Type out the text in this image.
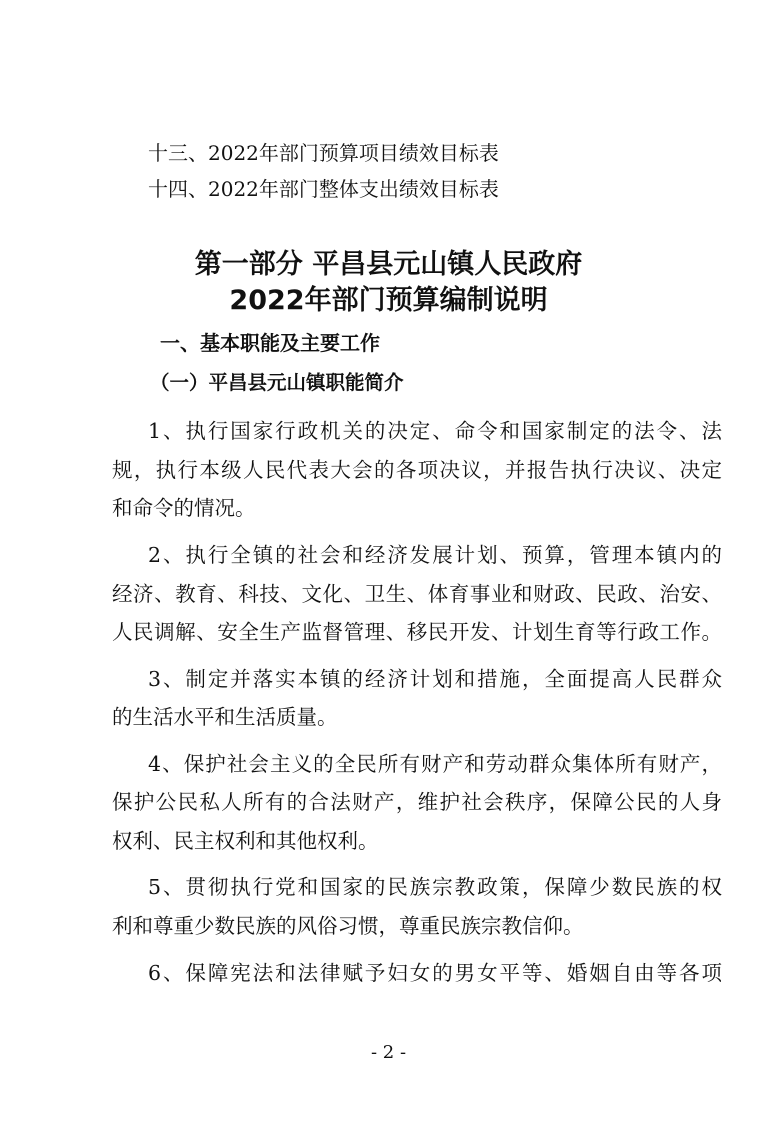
十三、2022年部门预算项目绩效目标表
十四、2022年部门整体支出绩效目标表
第一部分 平昌县元山镇人民政府
2022年部门预算编制说明
一、基本职能及主要工作
（一）平昌县元山镇职能简介
1、执行国家行政机关的决定、命令和国家制定的法令、法
规，执行本级人民代表大会的各项决议，并报告执行决议、决定
和命令的情况。
2、执行全镇的社会和经济发展计划、预算，管理本镇内的
经济、教育、科技、文化、卫生、体育事业和财政、民政、治安、
人民调解、安全生产监督管理、移民开发、计划生育等行政工作。
3、制定并落实本镇的经济计划和措施，全面提高人民群众
的生活水平和生活质量。
4、保护社会主义的全民所有财产和劳动群众集体所有财产，
保护公民私人所有的合法财产，维护社会秩序，保障公民的人身
权利、民主权利和其他权利。
5、贯彻执行党和国家的民族宗教政策，保障少数民族的权
利和尊重少数民族的风俗习惯，尊重民族宗教信仰。
6、保障宪法和法律赋予妇女的男女平等、婚姻自由等各项
- 2 -
